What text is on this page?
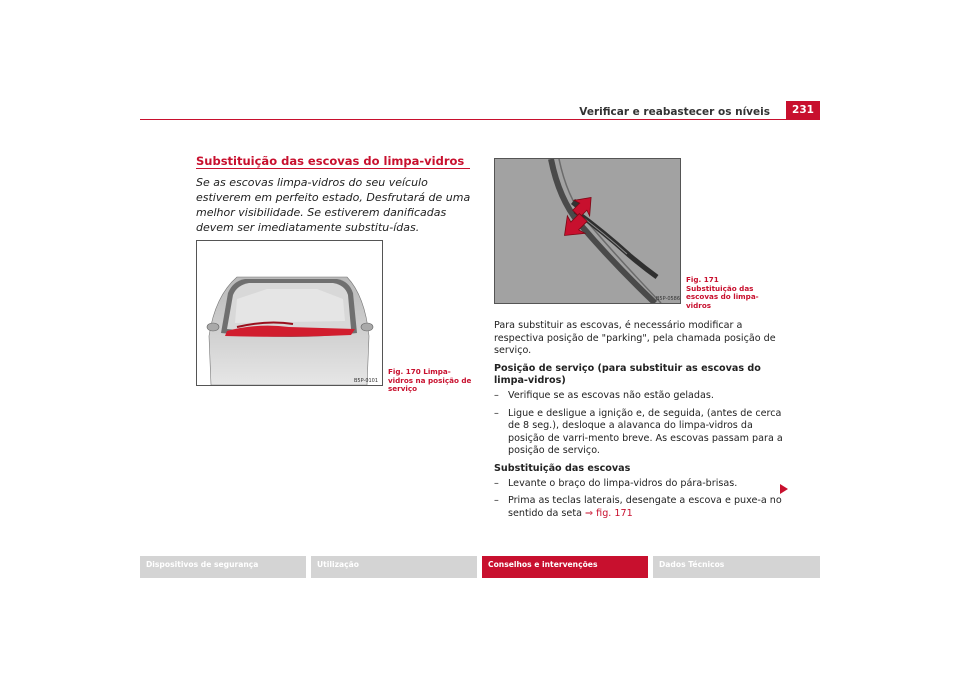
Verificar e reabastecer os níveis	231
Substituição das escovas do limpa-vidros
Se as escovas limpa-vidros do seu veículo estiverem em perfeito estado, Desfrutará de uma melhor visibilidade. Se estiverem danificadas devem ser imediatamente substitu-ídas.
B5P-0101
Fig. 170 Limpa-vidros na posição de serviço
B5P-0586
Fig. 171 Substituição das escovas do limpa-vidros

Para substituir as escovas, é necessário modificar a respectiva posição de "parking", pela chamada posição de serviço.

Posição de serviço (para substituir as escovas do limpa-vidros)
– Verifique se as escovas não estão geladas.
– Ligue e desligue a ignição e, de seguida, (antes de cerca de 8 seg.), desloque a alavanca do limpa-vidros da posição de varri-mento breve. As escovas passam para a posição de serviço.
Substituição das escovas
– Levante o braço do limpa-vidros do pára-brisas.
– Prima as teclas laterais, desengate a escova e puxe-a no sentido da seta ⇒ fig. 171
Dispositivos de segurança	Utilização	Conselhos e intervenções	Dados Técnicos
